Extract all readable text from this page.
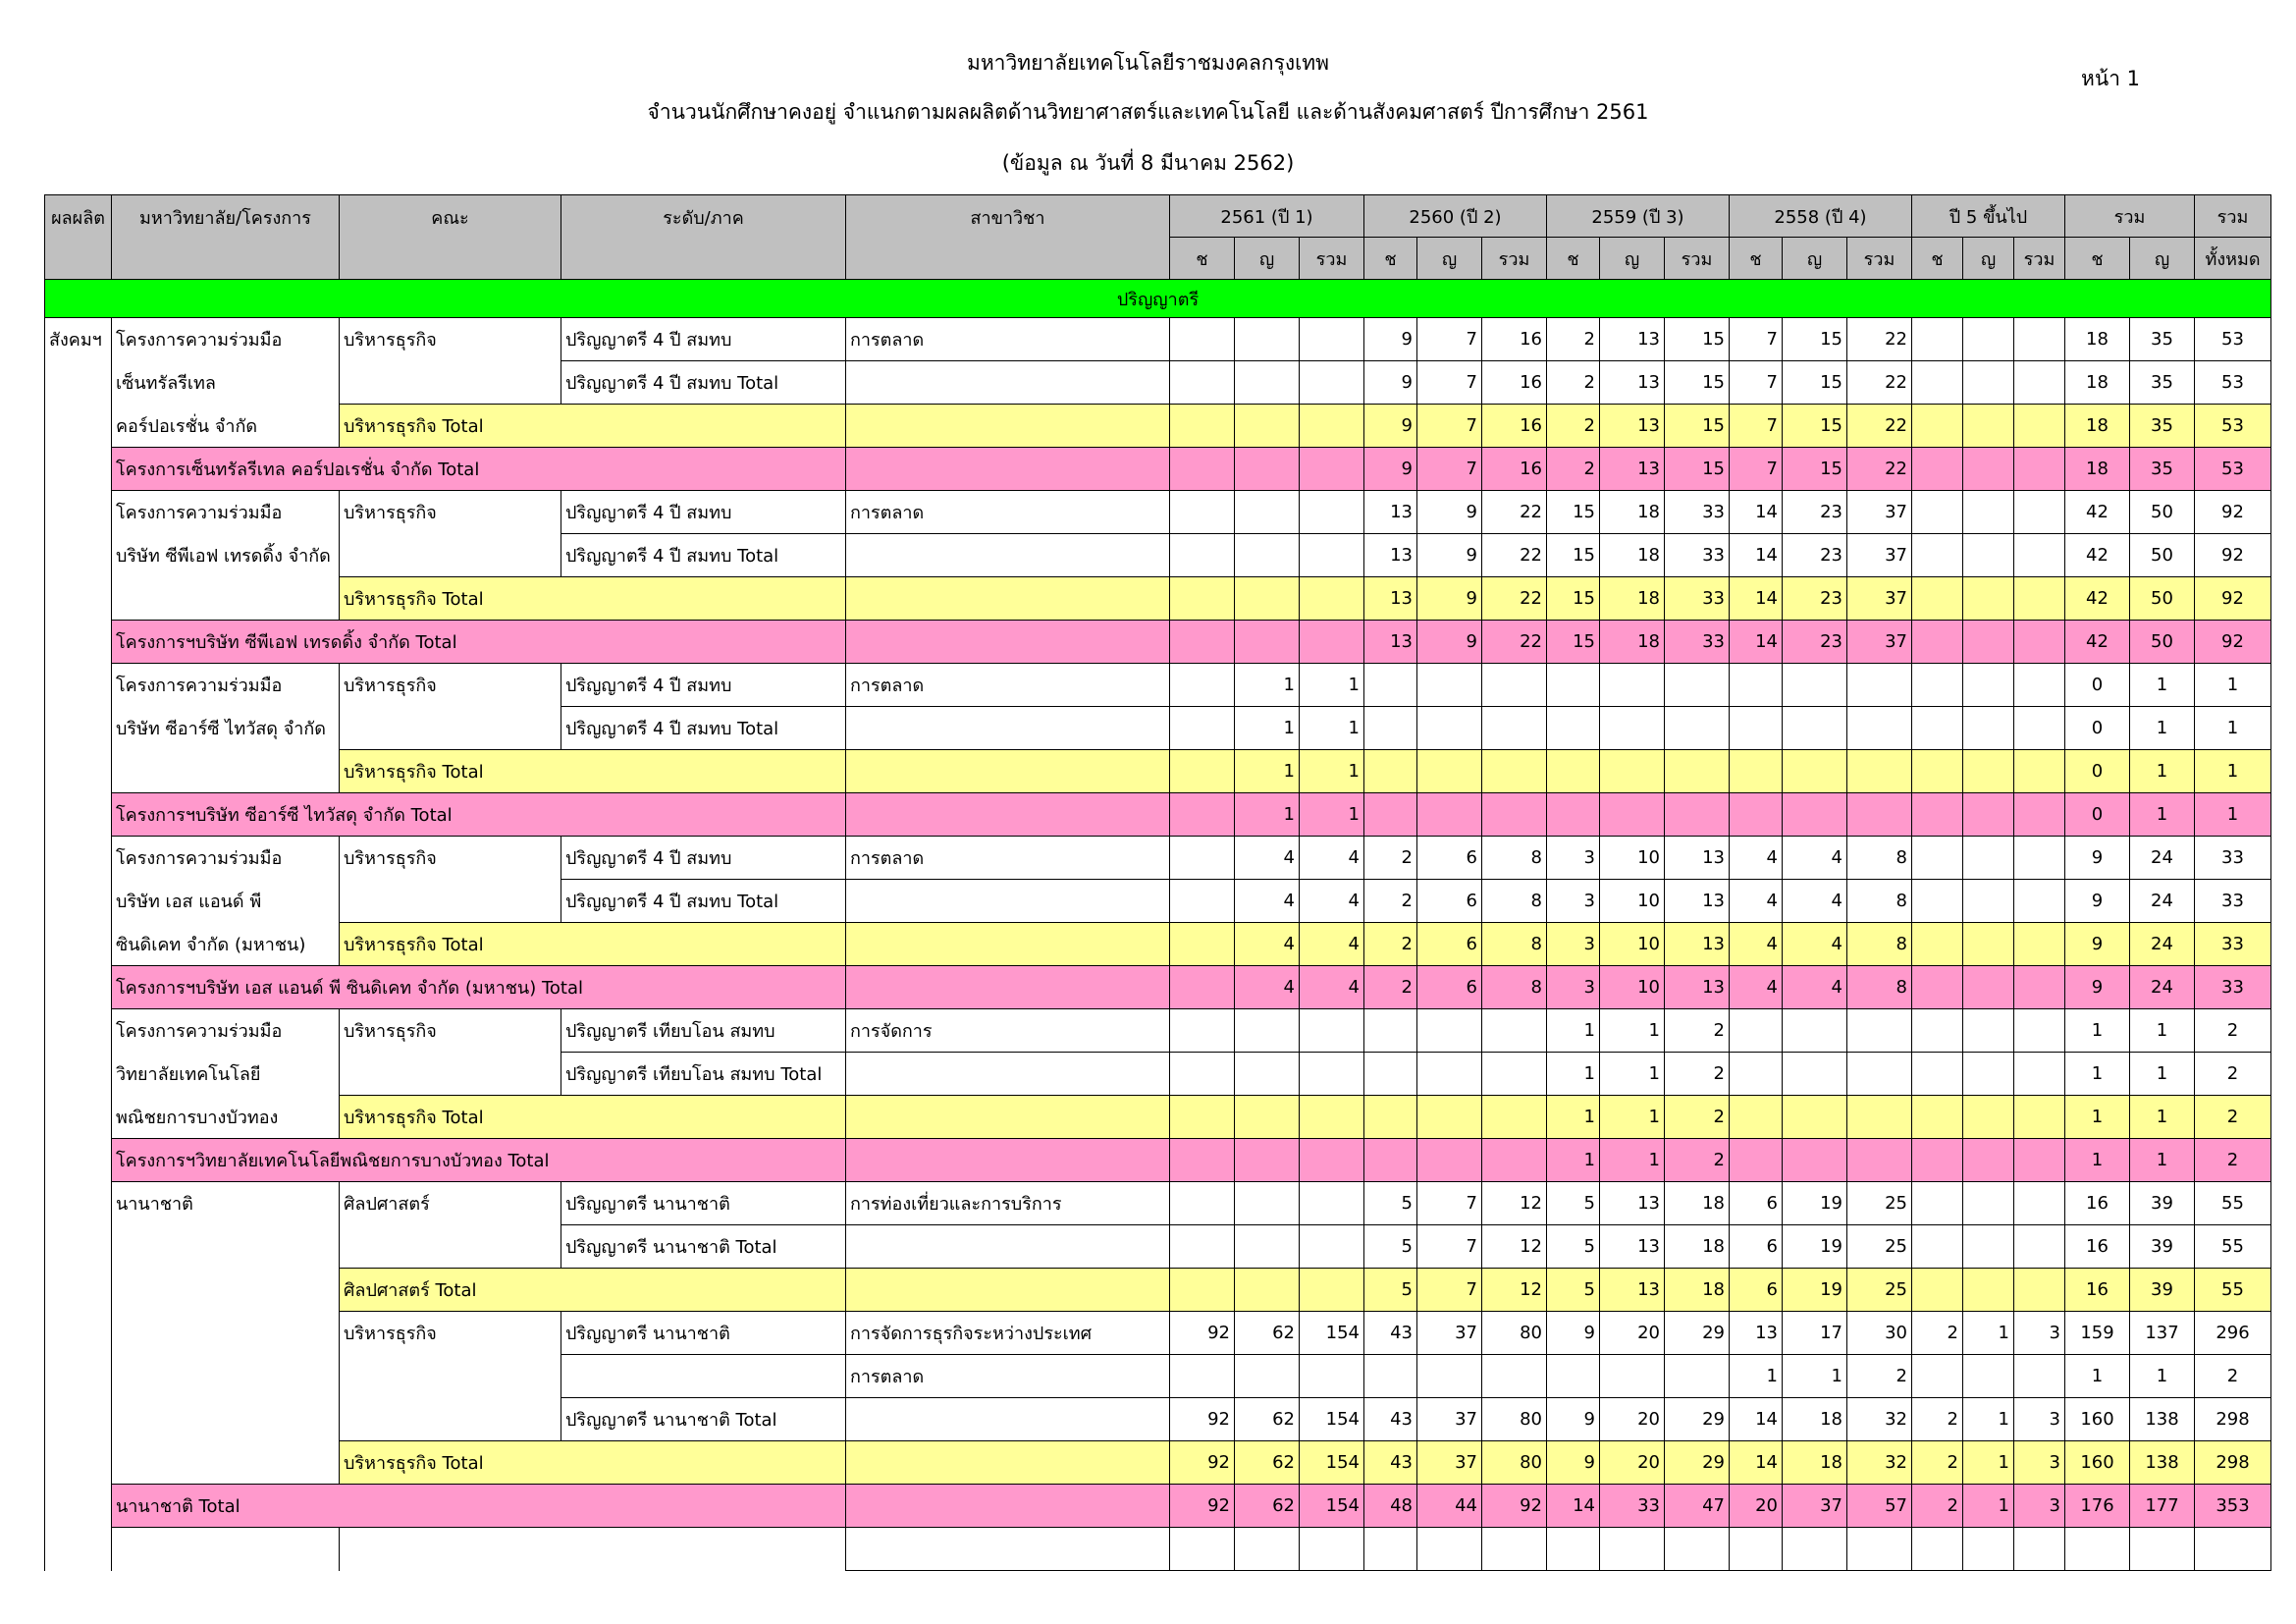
มหาวิทยาลัยเทคโนโลยีราชมงคลกรุงเทพ
จำนวนนักศึกษาคงอยู่ จำแนกตามผลผลิตด้านวิทยาศาสตร์และเทคโนโลยี และด้านสังคมศาสตร์ ปีการศึกษา 2561
(ข้อมูล ณ วันที่ 8 มีนาคม 2562)
หน้า 1
ผลผลิต	มหาวิทยาลัย/โครงการ	คณะ	ระดับ/ภาค	สาขาวิชา	2561 (ปี 1)			2560 (ปี 2)			2559 (ปี 3)			2558 (ปี 4)			ปี 5 ขึ้นไป			รวม		รวม
					ช	ญ	รวม	ช	ญ	รวม	ช	ญ	รวม	ช	ญ	รวม	ช	ญ	รวม	ช	ญ	ทั้งหมด
ปริญญาตรี																						
สังคมฯ	โครงการความร่วมมือ	บริหารธุรกิจ	ปริญญาตรี 4 ปี สมทบ	การตลาด				9	7	16	2	13	15	7	15	22				18	35	53
	เซ็นทรัลรีเทล		ปริญญาตรี 4 ปี สมทบ Total					9	7	16	2	13	15	7	15	22				18	35	53
	คอร์ปอเรชั่น จำกัด	บริหารธุรกิจ Total						9	7	16	2	13	15	7	15	22				18	35	53
	โครงการเซ็นทรัลรีเทล คอร์ปอเรชั่น จำกัด Total							9	7	16	2	13	15	7	15	22				18	35	53
	โครงการความร่วมมือ	บริหารธุรกิจ	ปริญญาตรี 4 ปี สมทบ	การตลาด				13	9	22	15	18	33	14	23	37				42	50	92
	บริษัท ซีพีเอฟ เทรดดิ้ง จำกัด		ปริญญาตรี 4 ปี สมทบ Total					13	9	22	15	18	33	14	23	37				42	50	92
		บริหารธุรกิจ Total						13	9	22	15	18	33	14	23	37				42	50	92
	โครงการฯบริษัท ซีพีเอฟ เทรดดิ้ง จำกัด Total							13	9	22	15	18	33	14	23	37				42	50	92
	โครงการความร่วมมือ	บริหารธุรกิจ	ปริญญาตรี 4 ปี สมทบ	การตลาด		1	1													0	1	1
	บริษัท ซีอาร์ซี ไทวัสดุ จำกัด		ปริญญาตรี 4 ปี สมทบ Total			1	1													0	1	1
		บริหารธุรกิจ Total				1	1													0	1	1
	โครงการฯบริษัท ซีอาร์ซี ไทวัสดุ จำกัด Total					1	1													0	1	1
	โครงการความร่วมมือ	บริหารธุรกิจ	ปริญญาตรี 4 ปี สมทบ	การตลาด		4	4	2	6	8	3	10	13	4	4	8				9	24	33
	บริษัท เอส แอนด์ พี		ปริญญาตรี 4 ปี สมทบ Total			4	4	2	6	8	3	10	13	4	4	8				9	24	33
	ซินดิเคท จำกัด (มหาชน)	บริหารธุรกิจ Total				4	4	2	6	8	3	10	13	4	4	8				9	24	33
	โครงการฯบริษัท เอส แอนด์ พี ซินดิเคท จำกัด (มหาชน) Total					4	4	2	6	8	3	10	13	4	4	8				9	24	33
	โครงการความร่วมมือ	บริหารธุรกิจ	ปริญญาตรี เทียบโอน สมทบ	การจัดการ							1	1	2							1	1	2
	วิทยาลัยเทคโนโลยี		ปริญญาตรี เทียบโอน สมทบ Total								1	1	2							1	1	2
	พณิชยการบางบัวทอง	บริหารธุรกิจ Total									1	1	2							1	1	2
	โครงการฯวิทยาลัยเทคโนโลยีพณิชยการบางบัวทอง Total										1	1	2							1	1	2
	นานาชาติ	ศิลปศาสตร์	ปริญญาตรี นานาชาติ	การท่องเที่ยวและการบริการ				5	7	12	5	13	18	6	19	25				16	39	55
			ปริญญาตรี นานาชาติ Total					5	7	12	5	13	18	6	19	25				16	39	55
		ศิลปศาสตร์ Total						5	7	12	5	13	18	6	19	25				16	39	55
		บริหารธุรกิจ	ปริญญาตรี นานาชาติ	การจัดการธุรกิจระหว่างประเทศ	92	62	154	43	37	80	9	20	29	13	17	30	2	1	3	159	137	296
				การตลาด										1	1	2				1	1	2
			ปริญญาตรี นานาชาติ Total		92	62	154	43	37	80	9	20	29	14	18	32	2	1	3	160	138	298
		บริหารธุรกิจ Total			92	62	154	43	37	80	9	20	29	14	18	32	2	1	3	160	138	298
	นานาชาติ Total				92	62	154	48	44	92	14	33	47	20	37	57	2	1	3	176	177	353
